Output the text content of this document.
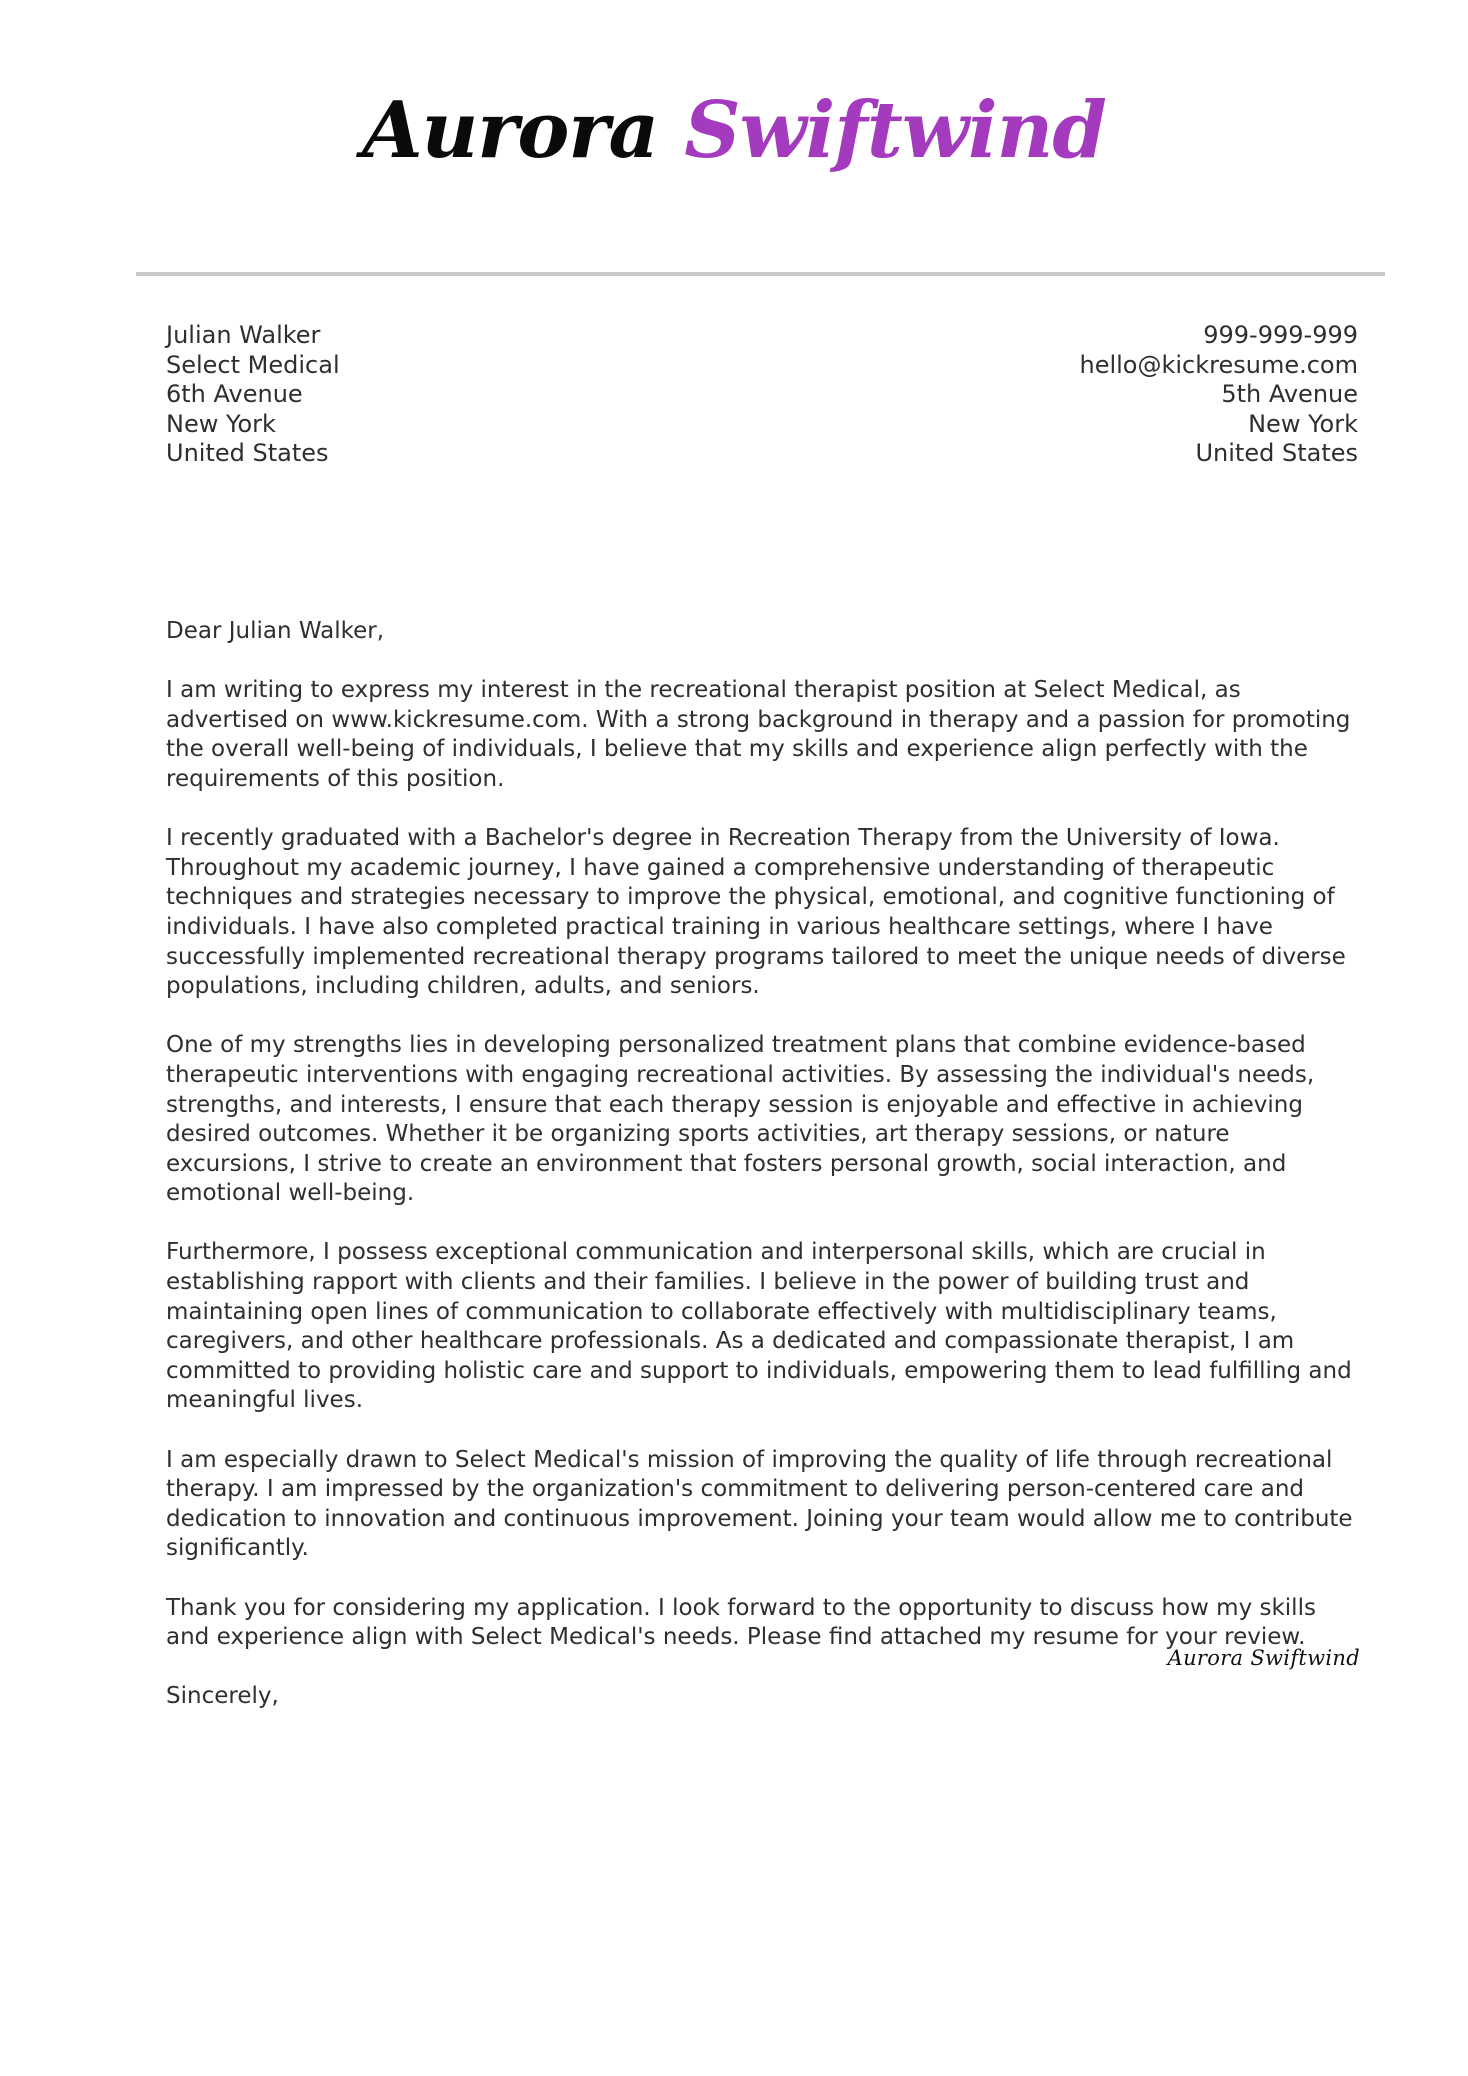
Aurora Swiftwind
Julian Walker
Select Medical
6th Avenue
New York
United States
999-999-999
hello@kickresume.com
5th Avenue
New York
United States

Dear Julian Walker,

I am writing to express my interest in the recreational therapist position at Select Medical, as advertised on www.kickresume.com. With a strong background in therapy and a passion for promoting the overall well-being of individuals, I believe that my skills and experience align perfectly with the requirements of this position.

I recently graduated with a Bachelor's degree in Recreation Therapy from the University of Iowa. Throughout my academic journey, I have gained a comprehensive understanding of therapeutic techniques and strategies necessary to improve the physical, emotional, and cognitive functioning of individuals. I have also completed practical training in various healthcare settings, where I have successfully implemented recreational therapy programs tailored to meet the unique needs of diverse populations, including children, adults, and seniors.

One of my strengths lies in developing personalized treatment plans that combine evidence-based therapeutic interventions with engaging recreational activities. By assessing the individual's needs, strengths, and interests, I ensure that each therapy session is enjoyable and effective in achieving desired outcomes. Whether it be organizing sports activities, art therapy sessions, or nature excursions, I strive to create an environment that fosters personal growth, social interaction, and emotional well-being.

Furthermore, I possess exceptional communication and interpersonal skills, which are crucial in establishing rapport with clients and their families. I believe in the power of building trust and maintaining open lines of communication to collaborate effectively with multidisciplinary teams, caregivers, and other healthcare professionals. As a dedicated and compassionate therapist, I am committed to providing holistic care and support to individuals, empowering them to lead fulfilling and meaningful lives.

I am especially drawn to Select Medical's mission of improving the quality of life through recreational therapy. I am impressed by the organization's commitment to delivering person-centered care and dedication to innovation and continuous improvement. Joining your team would allow me to contribute significantly.

Thank you for considering my application. I look forward to the opportunity to discuss how my skills and experience align with Select Medical's needs. Please find attached my resume for your review.

Sincerely,

Aurora Swiftwind
